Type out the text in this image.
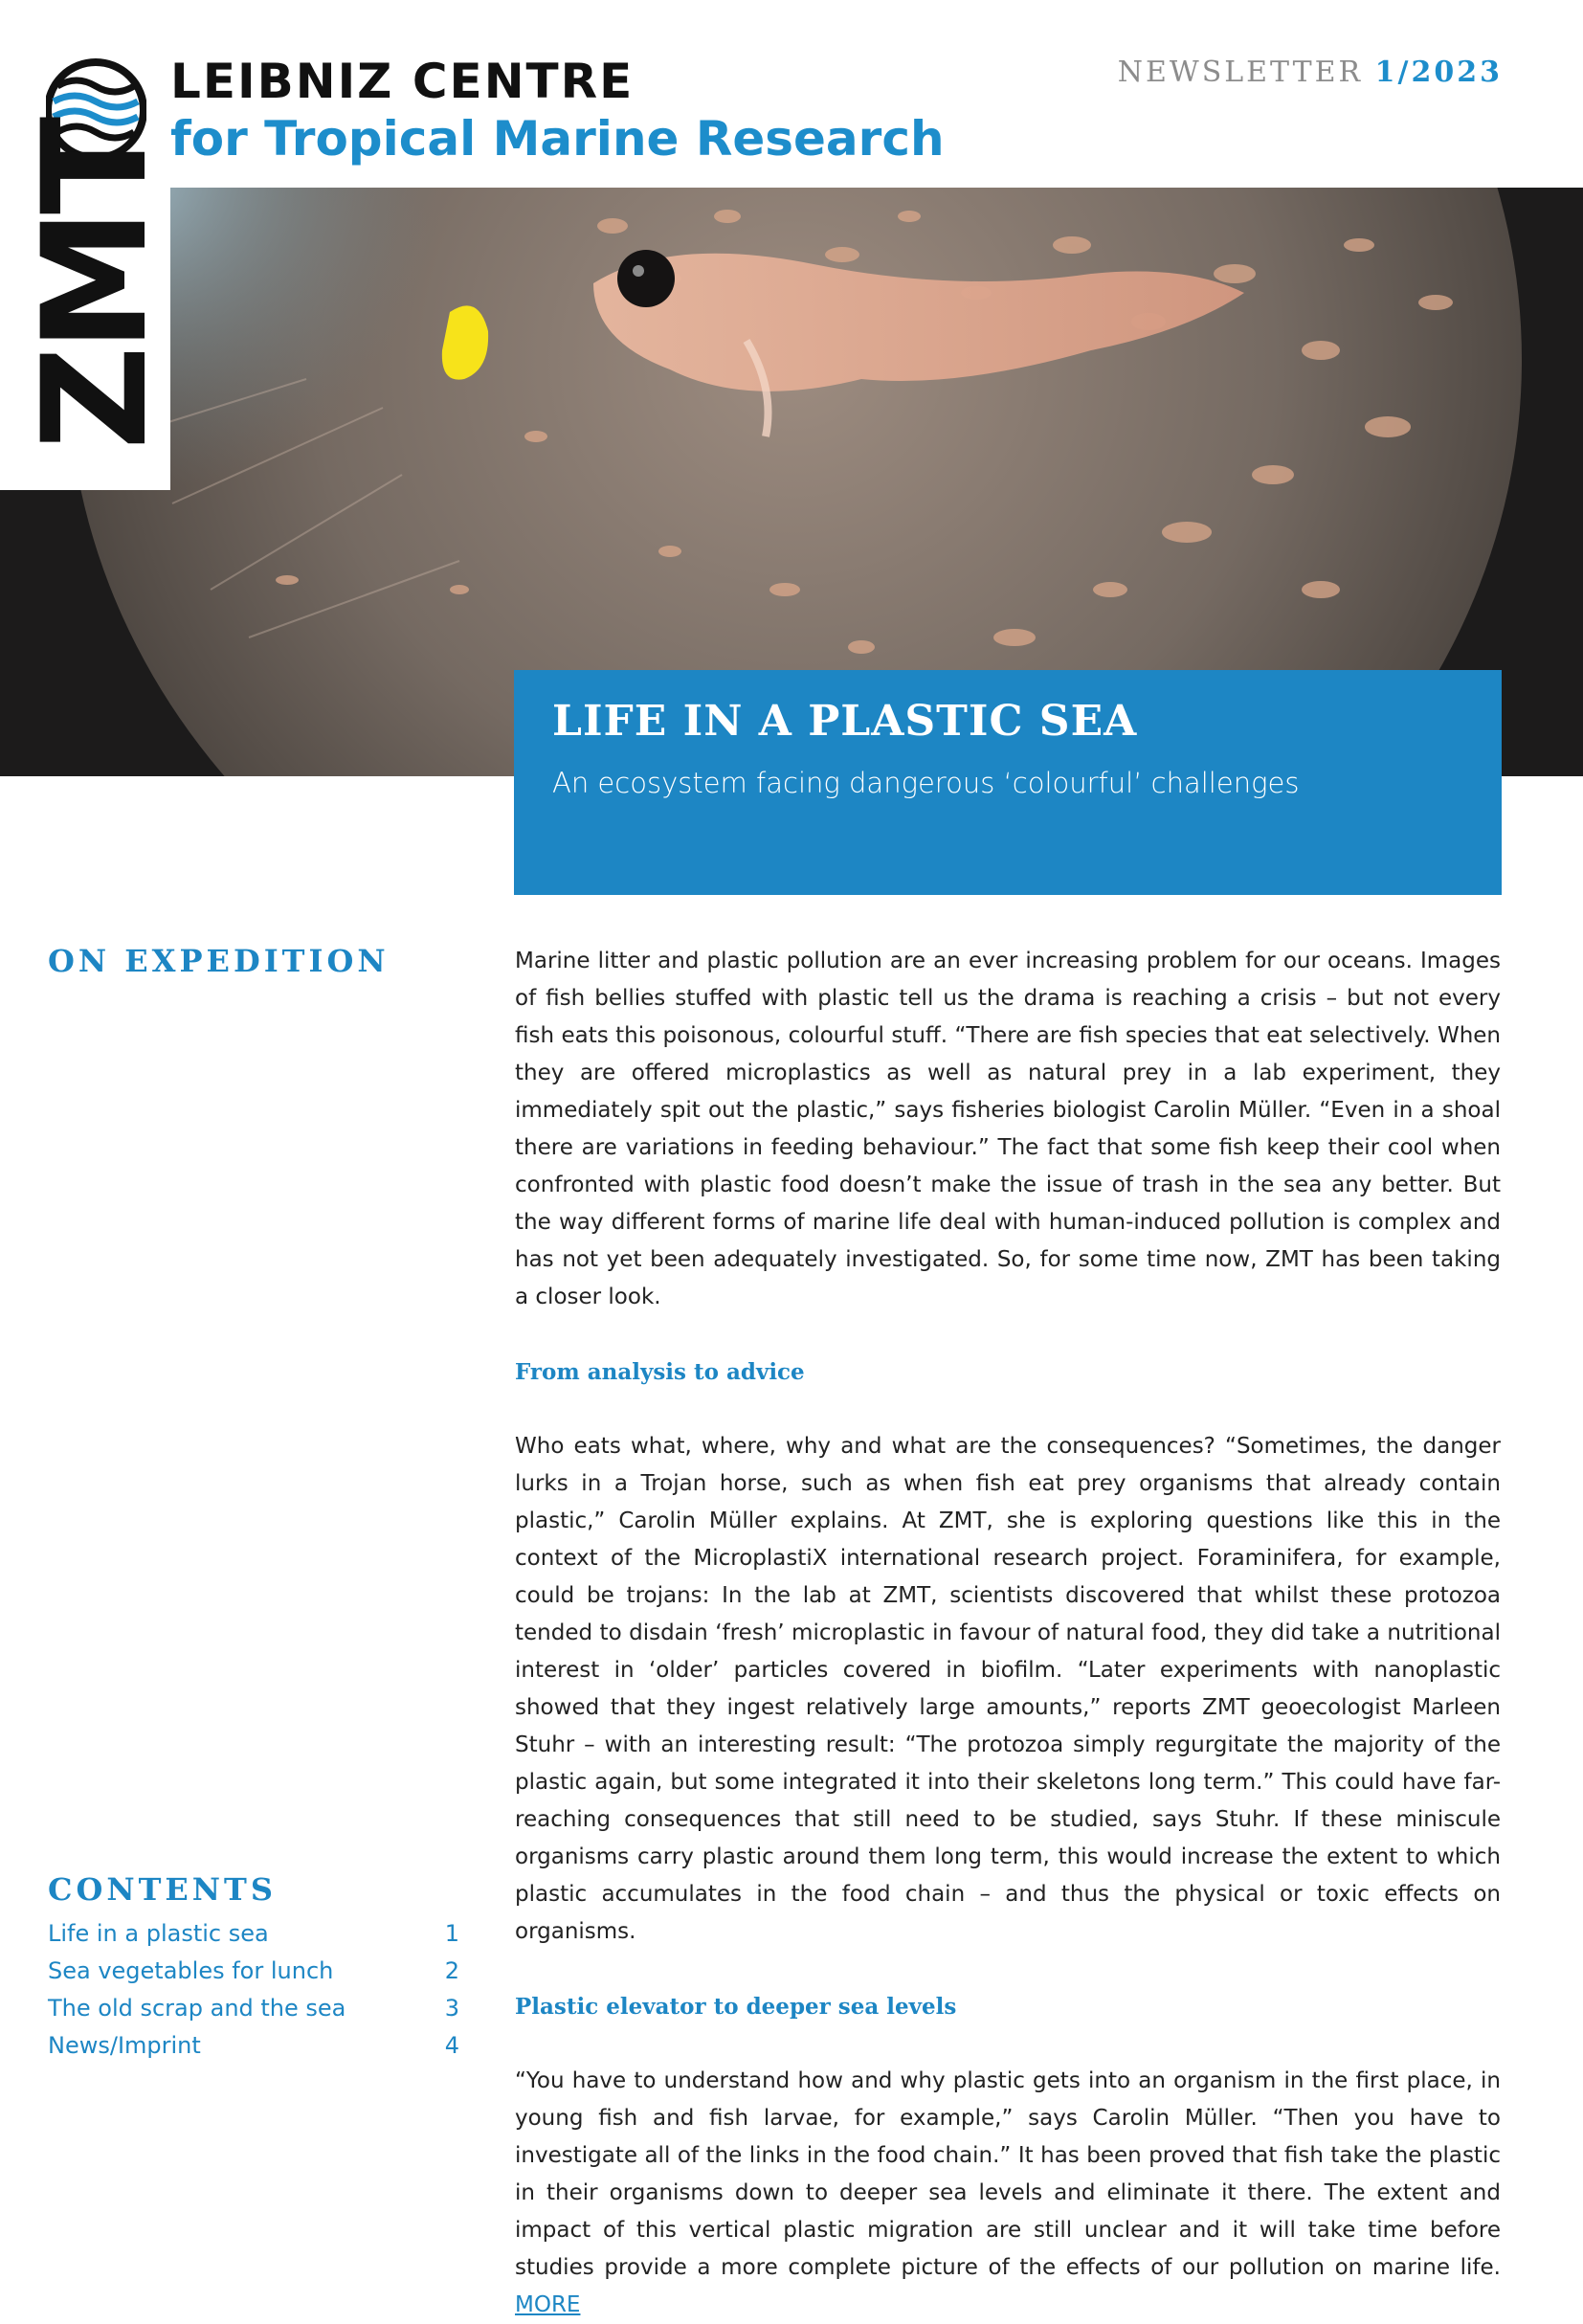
ZMT
LEIBNIZ CENTRE
for Tropical Marine Research
NEWSLETTER 1/2023
LIFE IN A PLASTIC SEA
An ecosystem facing dangerous ‘colourful’ challenges
ON EXPEDITION
CONTENTS
Life in a plastic sea	1
Sea vegetables for lunch	2
The old scrap and the sea	3
News/Imprint	4

Marine litter and plastic pollution are an ever increasing problem for our oceans. Images of fish bellies stuffed with plastic tell us the drama is reaching a crisis – but not every fish eats this poisonous, colourful stuff. “There are fish species that eat selectively. When they are offered microplastics as well as natural prey in a lab experiment, they immediately spit out the plastic,” says fisheries biologist Carolin Müller. “Even in a shoal there are variations in feeding behaviour.” The fact that some fish keep their cool when confronted with plastic food doesn’t make the issue of trash in the sea any better. But the way different forms of marine life deal with human-induced pollution is complex and has not yet been adequately investigated. So, for some time now, ZMT has been taking a closer look.

From analysis to advice

Who eats what, where, why and what are the consequences? “Sometimes, the danger lurks in a Trojan horse, such as when fish eat prey organisms that already contain plastic,” Carolin Müller explains. At ZMT, she is exploring questions like this in the context of the MicroplastiX international research project. Foraminifera, for example, could be trojans: In the lab at ZMT, scientists discovered that whilst these protozoa tended to disdain ‘fresh’ microplastic in favour of natural food, they did take a nutritional interest in ‘older’ particles covered in biofilm. “Later experiments with nanoplastic showed that they ingest relatively large amounts,” reports ZMT geoecologist Marleen Stuhr – with an interesting result: “The protozoa simply regurgitate the majority of the plastic again, but some integrated it into their skeletons long term.” This could have far-reaching consequences that still need to be studied, says Stuhr. If these miniscule organisms carry plastic around them long term, this would increase the extent to which plastic accumulates in the food chain – and thus the physical or toxic effects on organisms.

Plastic elevator to deeper sea levels

“You have to understand how and why plastic gets into an organism in the first place, in young fish and fish larvae, for example,” says Carolin Müller. “Then you have to investigate all of the links in the food chain.” It has been proved that fish take the plastic in their organisms down to deeper sea levels and eliminate it there. The extent and impact of this vertical plastic migration are still unclear and it will take time before studies provide a more complete picture of the effects of our pollution on marine life. MORE
